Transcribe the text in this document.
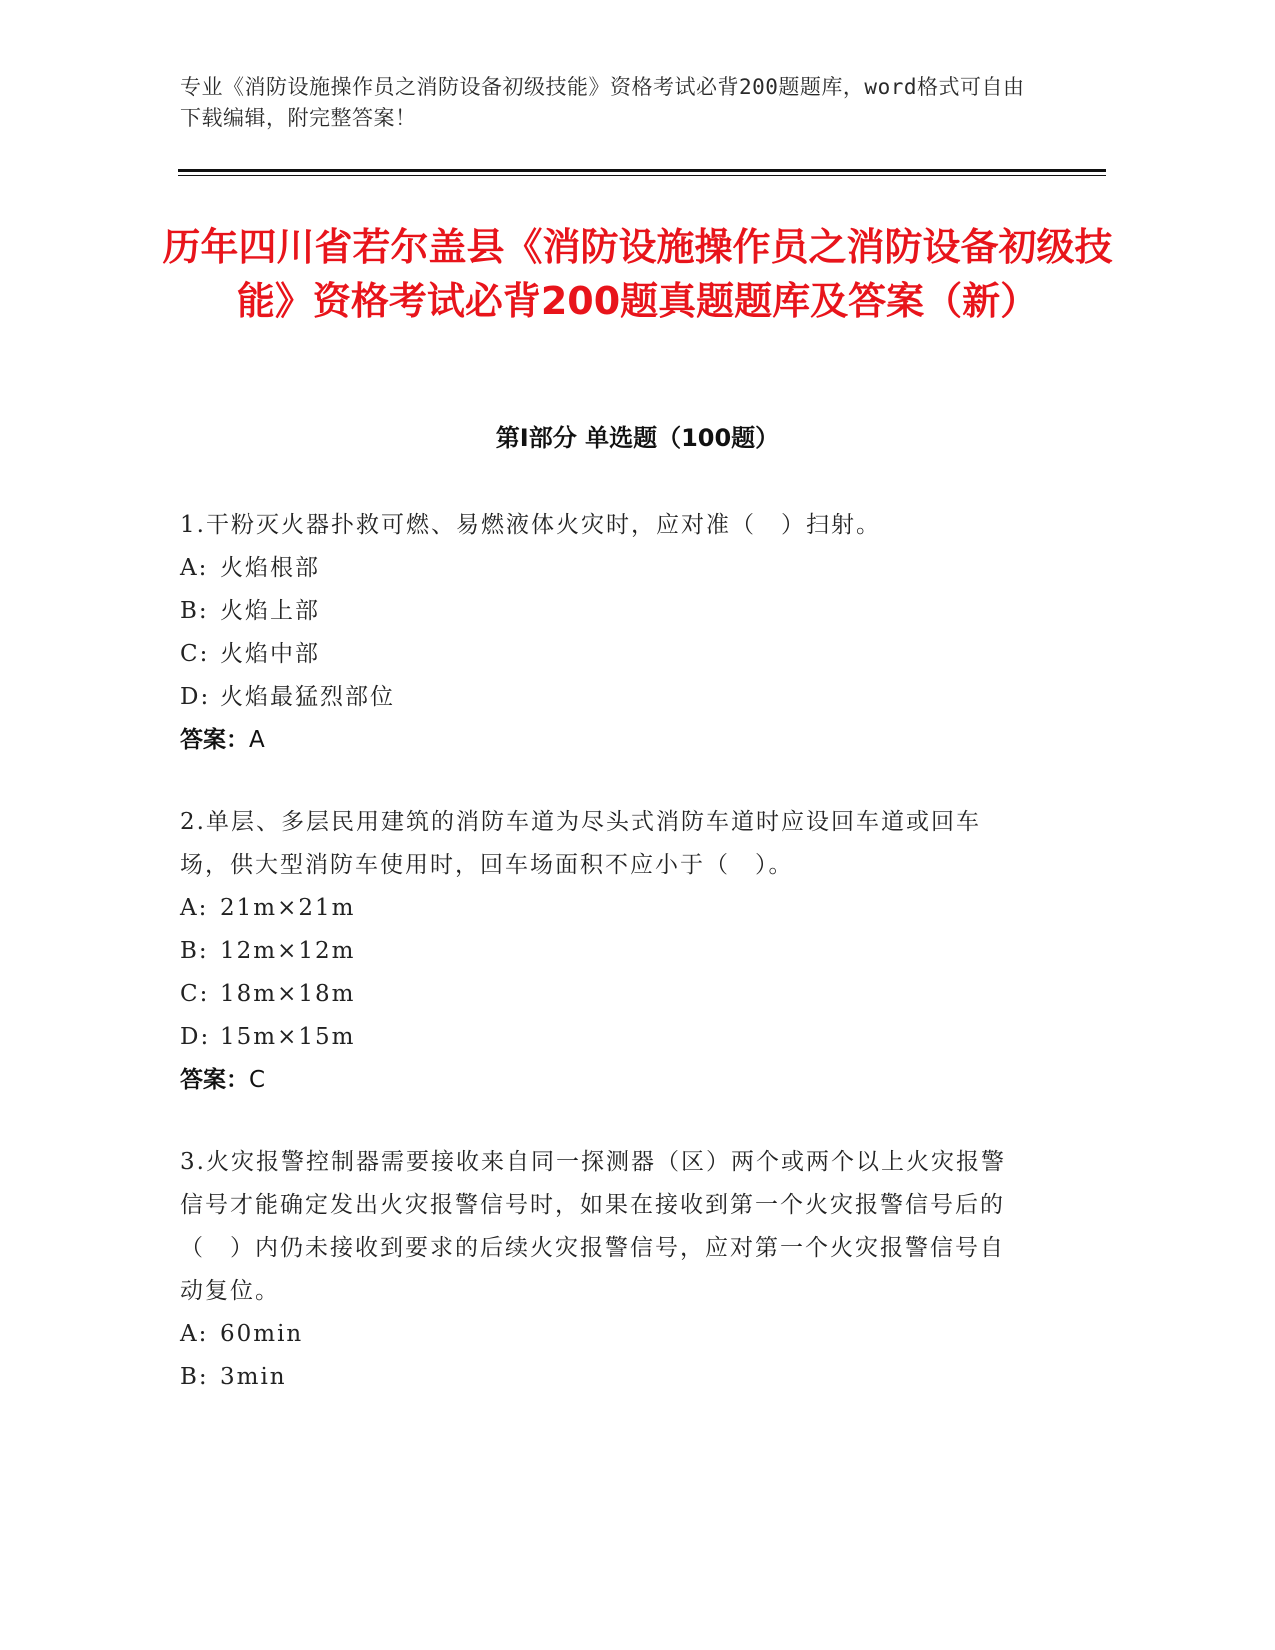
专业《消防设施操作员之消防设备初级技能》资格考试必背200题题库，word格式可自由下载编辑，附完整答案！
历年四川省若尔盖县《消防设施操作员之消防设备初级技能》资格考试必背200题真题题库及答案（新）
第Ⅰ部分 单选题（100题）

1.干粉灭火器扑救可燃、易燃液体火灾时，应对准（　）扫射。

A: 火焰根部
B: 火焰上部
C: 火焰中部
D: 火焰最猛烈部位
答案：A

2.单层、多层民用建筑的消防车道为尽头式消防车道时应设回车道或回车场，供大型消防车使用时，回车场面积不应小于（　）。

A: 21m×21m
B: 12m×12m
C: 18m×18m
D: 15m×15m
答案：C

3.火灾报警控制器需要接收来自同一探测器（区）两个或两个以上火灾报警信号才能确定发出火灾报警信号时，如果在接收到第一个火灾报警信号后的（　）内仍未接收到要求的后续火灾报警信号，应对第一个火灾报警信号自动复位。

A: 60min
B: 3min
